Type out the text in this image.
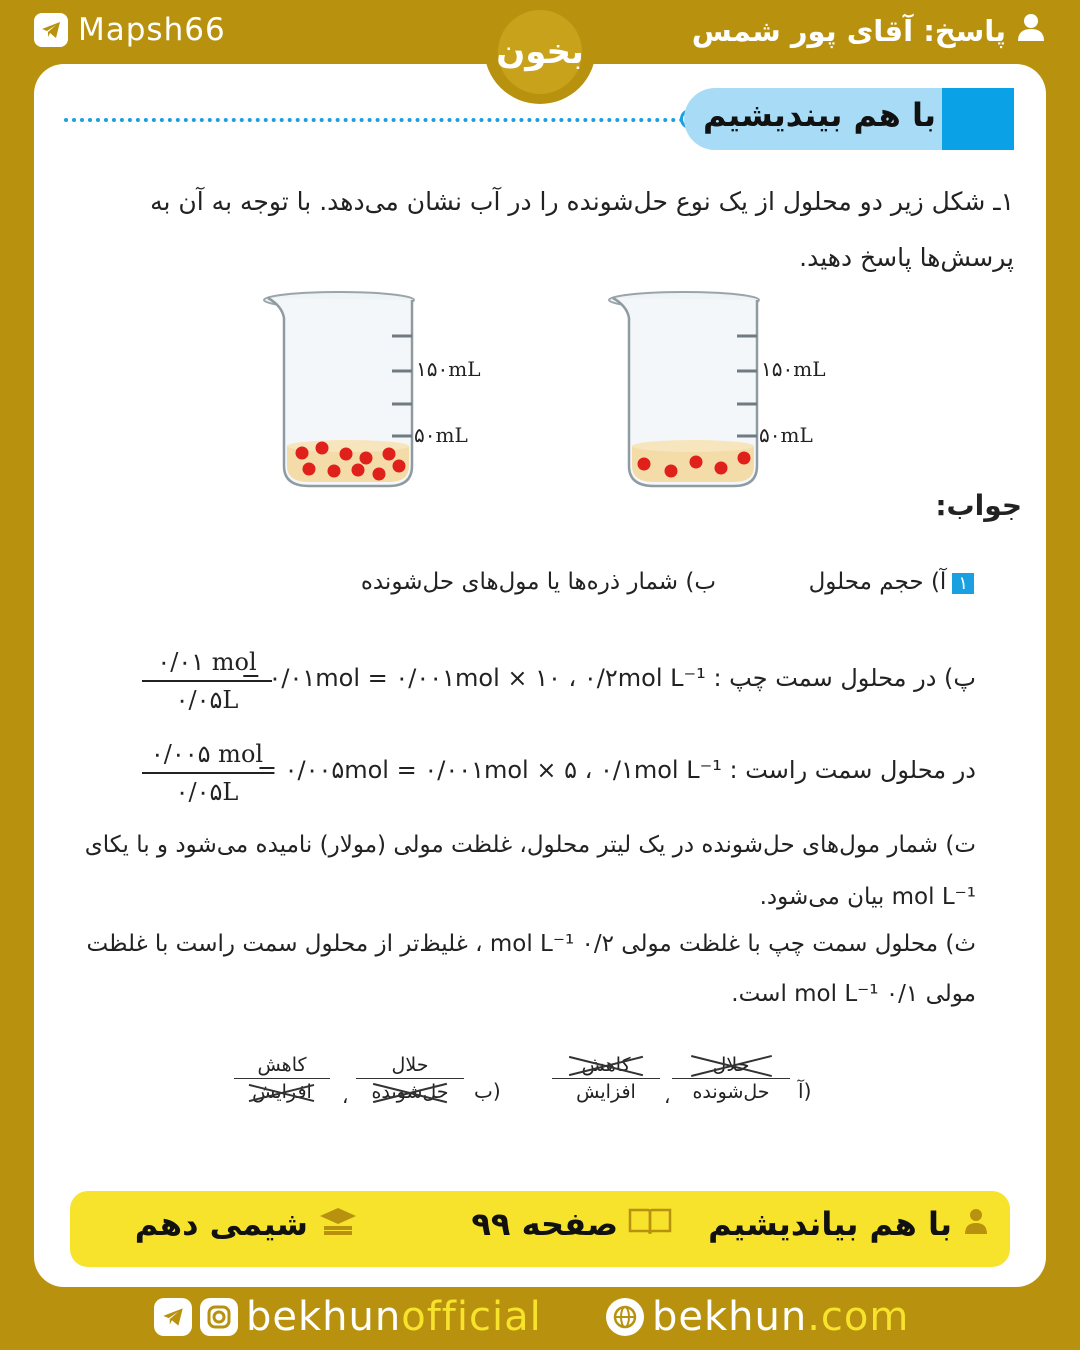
Mapsh66	پاسخ: آقای پور شمس
بخون
با هم بیندیشیم
۱ـ شکل زیر دو محلول از یک نوع حل‌شونده را در آب نشان می‌دهد. با توجه به آن به پرسش‌ها پاسخ دهید.
۵۰mL
۱۵۰mL
۵۰mL
۱۵۰mL
جواب:
۱آ) حجم محلول
ب) شمار ذره‌ها یا مول‌های حل‌شونده
پ) در محلول سمت چپ : ۰/۰۱mol = ۰/۰۰۱mol × ۱۰ ، ۰/۲mol L⁻¹ =
۰/۰۱ mol
۰/۰۵L
در محلول سمت راست : ۰/۰۰۵mol = ۰/۰۰۱mol × ۵ ، ۰/۱mol L⁻¹ =
۰/۰۰۵ mol
۰/۰۵L
ت) شمار مول‌های حل‌شونده در یک لیتر محلول، غلظت مولی (مولار) نامیده می‌شود و با یکای mol L⁻¹ بیان می‌شود.
ث) محلول سمت چپ با غلظت مولی ۰/۲ mol L⁻¹ ، غلیظ‌تر از محلول سمت راست با غلظت مولی ۰/۱ mol L⁻¹ است.
آ)
حلال
حل‌شونده
،
کاهش
افزایش
ب)
حلال
حل‌شونده
،
کاهش
افزایش
با هم بیاندیشیم
صفحه ۹۹
شیمی دهم
bekhunofficial	bekhun.com
